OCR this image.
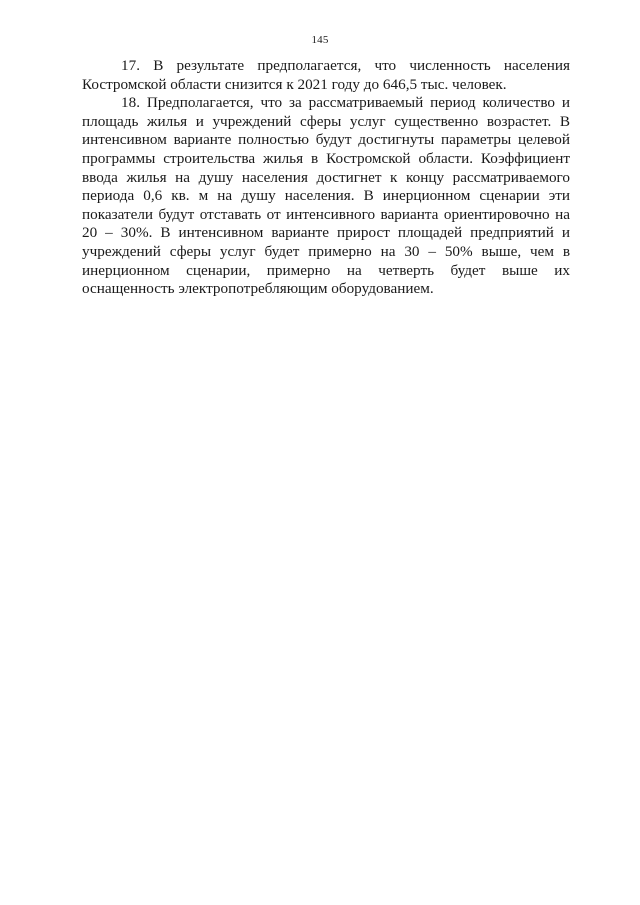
145

17. В результате предполагается, что численность населения Костромской области снизится к 2021 году до 646,5 тыс. человек.

18. Предполагается, что за рассматриваемый период количество и площадь жилья и учреждений сферы услуг существенно возрастет. В интенсивном варианте полностью будут достигнуты параметры целевой программы строительства жилья в Костромской области. Коэффициент ввода жилья на душу населения достигнет к концу рассматриваемого периода 0,6 кв. м на душу населения. В инерционном сценарии эти показатели будут отставать от интенсивного варианта ориентировочно на 20 – 30%. В интенсивном варианте прирост площадей предприятий и учреждений сферы услуг будет примерно на 30 – 50% выше, чем в инерционном сценарии, примерно на четверть будет выше их оснащенность электропотребляющим оборудованием.
